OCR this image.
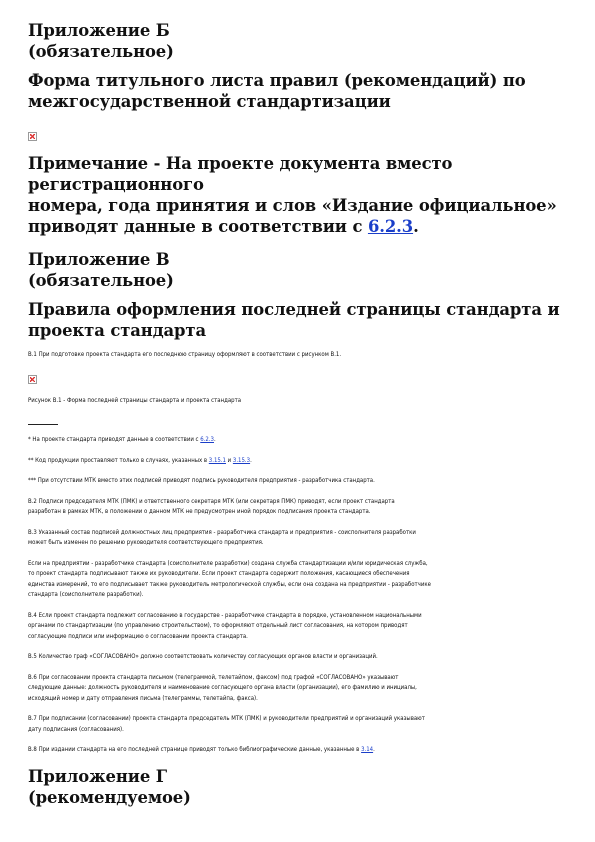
Приложение Б
(обязательное)
Форма титульного листа правил (рекомендаций) по
межгосударственной стандартизации
Примечание - На проекте документа вместо регистрационного
номера, года принятия и слов «Издание официальное»
приводят данные в соответствии с 6.2.3.
Приложение В
(обязательное)
Правила оформления последней страницы стандарта и
проекта стандарта

В.1 При подготовке проекта стандарта его последнюю страницу оформляют в соответствии с рисунком В.1.

Рисунок В.1 - Форма последней страницы стандарта и проекта стандарта

* На проекте стандарта приводят данные в соответствии с 6.2.3.

** Код продукции проставляют только в случаях, указанных в 3.15.1 и 3.15.3.

*** При отсутствии МТК вместо этих подписей приводят подпись руководителя предприятия - разработчика стандарта.

В.2 Подписи председателя МТК (ПМК) и ответственного секретаря МТК (или секретаря ПМК) приводят, если проект стандарта
разработан в рамках МТК, в положении о данном МТК не предусмотрен иной порядок подписания проекта стандарта.

В.3 Указанный состав подписей должностных лиц предприятия - разработчика стандарта и предприятия - соисполнителя разработки
может быть изменен по решению руководителя соответствующего предприятия.

Если на предприятии - разработчике стандарта (соисполнителе разработки) создана служба стандартизации и/или юридическая служба,
то проект стандарта подписывают также их руководители. Если проект стандарта содержит положения, касающиеся обеспечения
единства измерений, то его подписывает также руководитель метрологической службы, если она создана на предприятии - разработчике
стандарта (соисполнителе разработки).

В.4 Если проект стандарта подлежит согласованию в государстве - разработчике стандарта в порядке, установленном национальными
органами по стандартизации (по управлению строительством), то оформляют отдельный лист согласования, на котором приводят
согласующие подписи или информацию о согласовании проекта стандарта.

В.5 Количество граф «СОГЛАСОВАНО» должно соответствовать количеству согласующих органов власти и организаций.

В.6 При согласовании проекта стандарта письмом (телеграммой, телетайпом, факсом) под графой «СОГЛАСОВАНО» указывают
следующие данные: должность руководителя и наименование согласующего органа власти (организации), его фамилию и инициалы,
исходящий номер и дату отправления письма (телеграммы, телетайпа, факса).

В.7 При подписании (согласовании) проекта стандарта председатель МТК (ПМК) и руководители предприятий и организаций указывают
дату подписания (согласования).

В.8 При издании стандарта на его последней странице приводят только библиографические данные, указанные в 3.14.

Приложение Г
(рекомендуемое)
